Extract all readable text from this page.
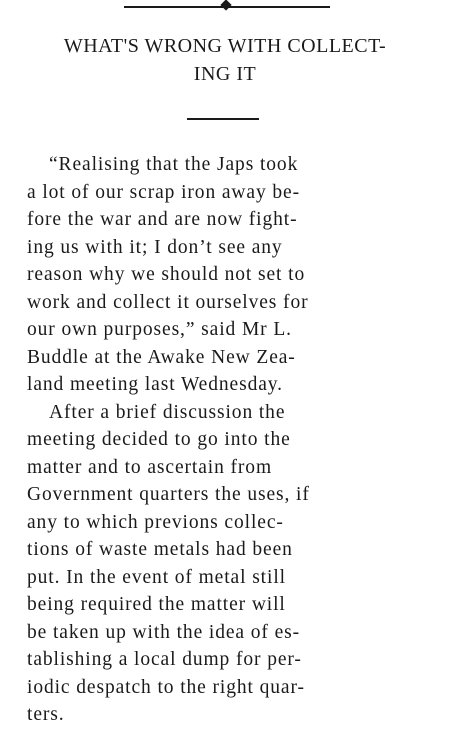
WHAT'S WRONG WITH COLLECT-
ING IT

“Realising that the Japs took
a lot of our scrap iron away be-
fore the war and are now fight-
ing us with it; I don’t see any
reason why we should not set to
work and collect it ourselves for
our own purposes,” said Mr L.
Buddle at the Awake New Zea-
land meeting last Wednesday.

After a brief discussion the
meeting decided to go into the
matter and to ascertain from
Government quarters the uses, if
any to which previons collec-
tions of waste metals had been
put. In the event of metal still
being required the matter will
be taken up with the idea of es-
tablishing a local dump for per-
iodic despatch to the right quar-
ters.
